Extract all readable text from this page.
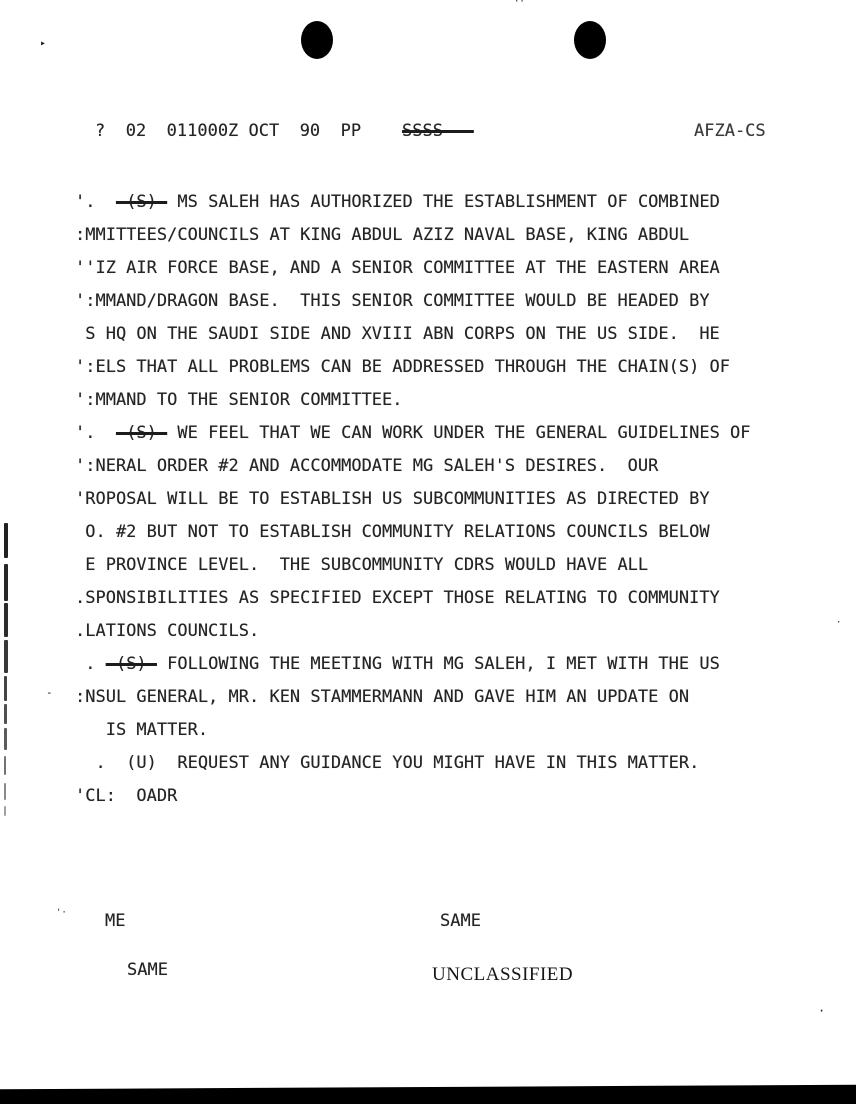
?  02  011000Z OCT  90  PP    SSSS———	AFZA-CS
'.  -(S)- MS SALEH HAS AUTHORIZED THE ESTABLISHMENT OF COMBINED
:MMITTEES/COUNCILS AT KING ABDUL AZIZ NAVAL BASE, KING ABDUL
''IZ AIR FORCE BASE, AND A SENIOR COMMITTEE AT THE EASTERN AREA
':MMAND/DRAGON BASE.  THIS SENIOR COMMITTEE WOULD BE HEADED BY
S HQ ON THE SAUDI SIDE AND XVIII ABN CORPS ON THE US SIDE.  HE
':ELS THAT ALL PROBLEMS CAN BE ADDRESSED THROUGH THE CHAIN(S) OF
':MMAND TO THE SENIOR COMMITTEE.
'.  -(S)- WE FEEL THAT WE CAN WORK UNDER THE GENERAL GUIDELINES OF
':NERAL ORDER #2 AND ACCOMMODATE MG SALEH'S DESIRES.  OUR
'ROPOSAL WILL BE TO ESTABLISH US SUBCOMMUNITIES AS DIRECTED BY
O. #2 BUT NOT TO ESTABLISH COMMUNITY RELATIONS COUNCILS BELOW
E PROVINCE LEVEL.  THE SUBCOMMUNITY CDRS WOULD HAVE ALL
.SPONSIBILITIES AS SPECIFIED EXCEPT THOSE RELATING TO COMMUNITY
.LATIONS COUNCILS.
. -(S)- FOLLOWING THE MEETING WITH MG SALEH, I MET WITH THE US
:NSUL GENERAL, MR. KEN STAMMERMANN AND GAVE HIM AN UPDATE ON
IS MATTER.
.  (U)  REQUEST ANY GUIDANCE YOU MIGHT HAVE IN THIS MATTER.
'CL:  OADR
▸
··
-
'·
·
·
ME	SAME
SAME	UNCLASSIFIED
